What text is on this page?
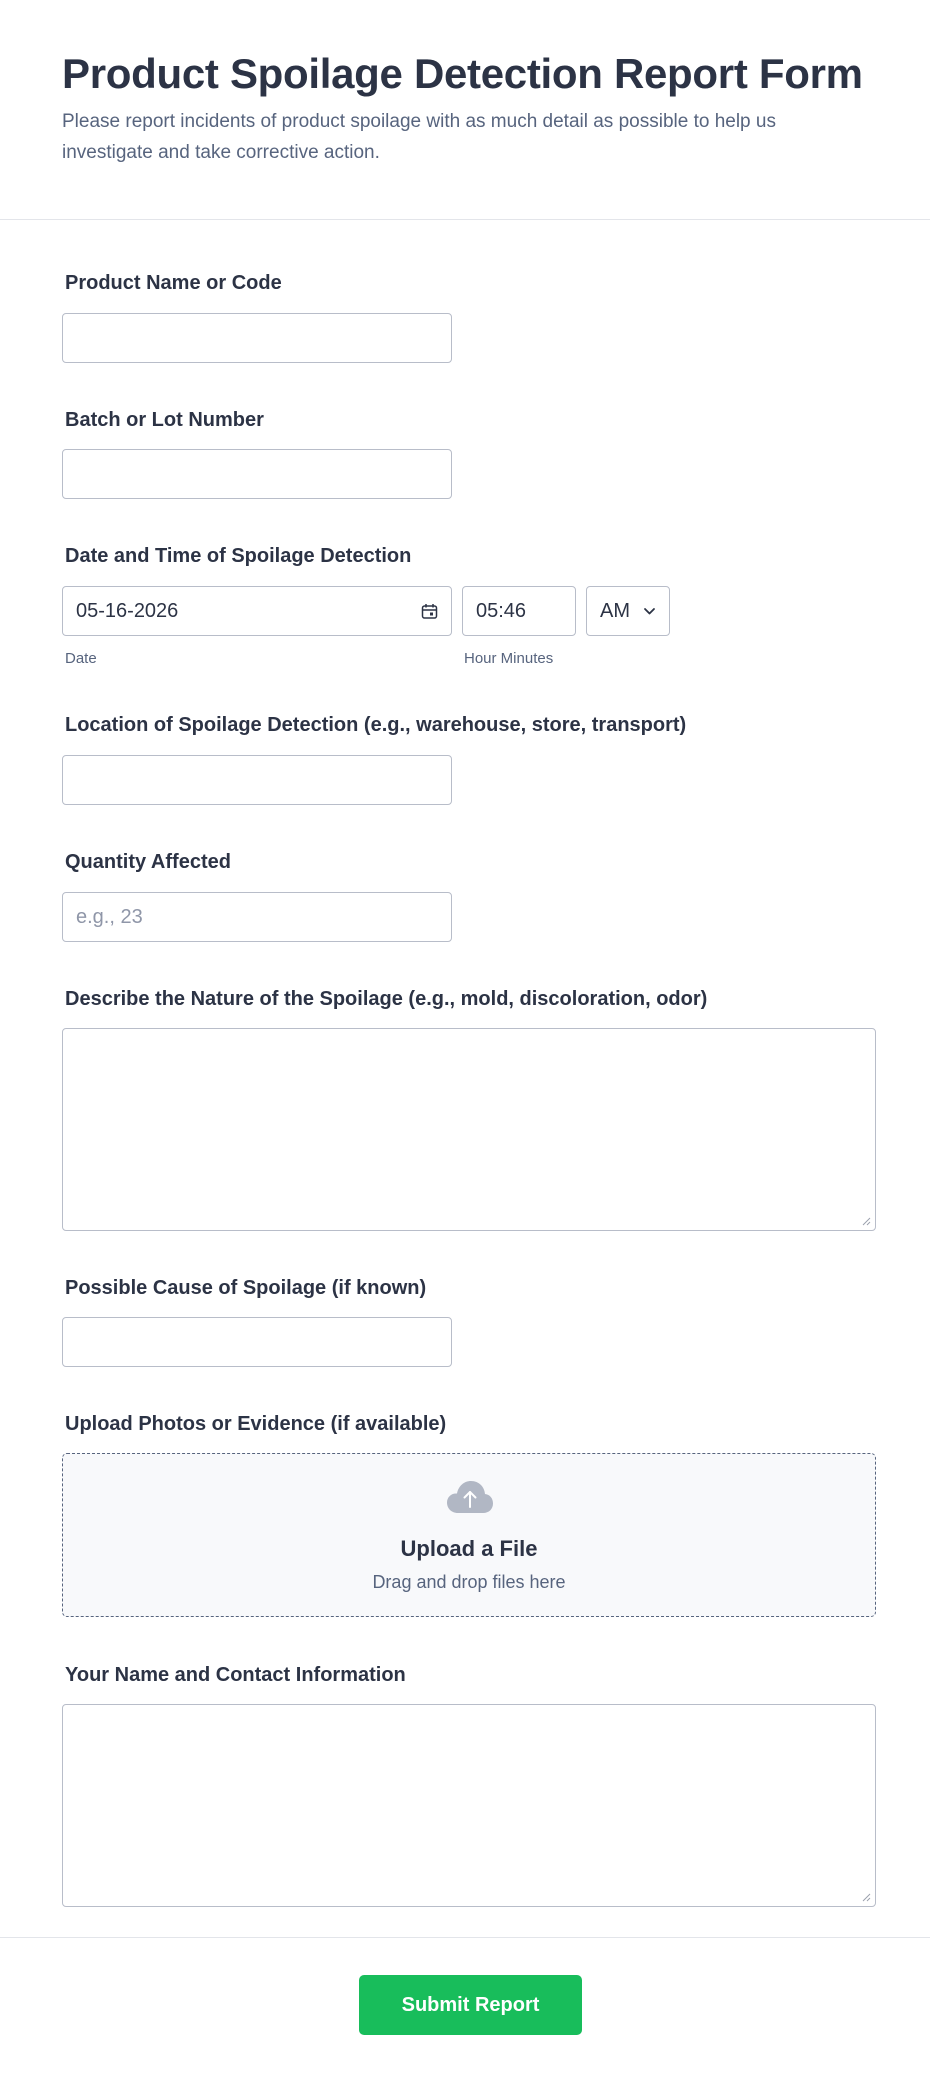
Product Spoilage Detection Report Form

Please report incidents of product spoilage with as much detail as possible to help us investigate and take corrective action.

Product Name or Code
Batch or Lot Number
Date and Time of Spoilage Detection
05-16-2026	05:46	AM
Date	Hour Minutes
Location of Spoilage Detection (e.g., warehouse, store, transport)
Quantity Affected
e.g., 23
Describe the Nature of the Spoilage (e.g., mold, discoloration, odor)
Possible Cause of Spoilage (if known)
Upload Photos or Evidence (if available)
Upload a File
Drag and drop files here
Your Name and Contact Information
Submit Report
